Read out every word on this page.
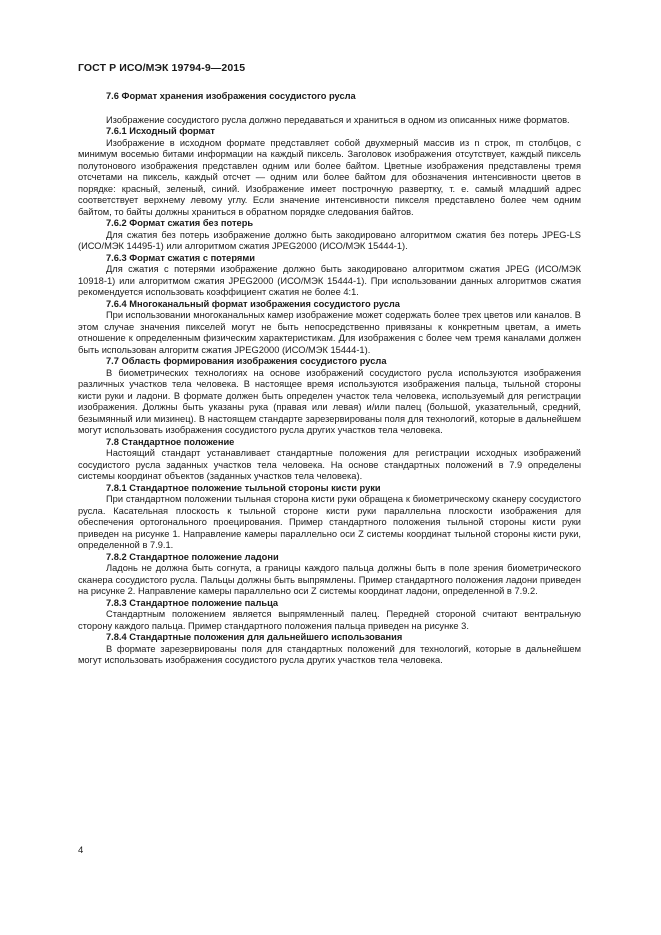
ГОСТ Р ИСО/МЭК 19794-9—2015
7.6 Формат хранения изображения сосудистого русла

Изображение сосудистого русла должно передаваться и храниться в одном из описанных ниже форматов.

7.6.1 Исходный формат

Изображение в исходном формате представляет собой двухмерный массив из n строк, m столбцов, с минимум восемью битами информации на каждый пиксель. Заголовок изображения отсутствует, каждый пиксель полутонового изображения представлен одним или более байтом. Цветные изображения представлены тремя отсчетами на пиксель, каждый отсчет — одним или более байтом для обозначения интенсивности цветов в порядке: красный, зеленый, синий. Изображение имеет построчную развертку, т. е. самый младший адрес соответствует верхнему левому углу. Если значение интенсивности пикселя представлено более чем одним байтом, то байты должны храниться в обратном порядке следования байтов.

7.6.2 Формат сжатия без потерь

Для сжатия без потерь изображение должно быть закодировано алгоритмом сжатия без потерь JPEG-LS (ИСО/МЭК 14495-1) или алгоритмом сжатия JPEG2000 (ИСО/МЭК 15444-1).

7.6.3 Формат сжатия с потерями

Для сжатия с потерями изображение должно быть закодировано алгоритмом сжатия JPEG (ИСО/МЭК 10918-1) или алгоритмом сжатия JPEG2000 (ИСО/МЭК 15444-1). При использовании данных алгоритмов сжатия рекомендуется использовать коэффициент сжатия не более 4:1.

7.6.4 Многоканальный формат изображения сосудистого русла

При использовании многоканальных камер изображение может содержать более трех цветов или каналов. В этом случае значения пикселей могут не быть непосредственно привязаны к конкретным цветам, а иметь отношение к определенным физическим характеристикам. Для изображения с более чем тремя каналами должен быть использован алгоритм сжатия JPEG2000 (ИСО/МЭК 15444-1).

7.7 Область формирования изображения сосудистого русла

В биометрических технологиях на основе изображений сосудистого русла используются изображения различных участков тела человека. В настоящее время используются изображения пальца, тыльной стороны кисти руки и ладони. В формате должен быть определен участок тела человека, используемый для регистрации изображения. Должны быть указаны рука (правая или левая) и/или палец (большой, указательный, средний, безымянный или мизинец). В настоящем стандарте зарезервированы поля для технологий, которые в дальнейшем могут использовать изображения сосудистого русла других участков тела человека.

7.8 Стандартное положение

Настоящий стандарт устанавливает стандартные положения для регистрации исходных изображений сосудистого русла заданных участков тела человека. На основе стандартных положений в 7.9 определены системы координат объектов (заданных участков тела человека).

7.8.1 Стандартное положение тыльной стороны кисти руки

При стандартном положении тыльная сторона кисти руки обращена к биометрическому сканеру сосудистого русла. Касательная плоскость к тыльной стороне кисти руки параллельна плоскости изображения для обеспечения ортогонального проецирования. Пример стандартного положения тыльной стороны кисти руки приведен на рисунке 1. Направление камеры параллельно оси Z системы координат тыльной стороны кисти руки, определенной в 7.9.1.

7.8.2 Стандартное положение ладони

Ладонь не должна быть согнута, а границы каждого пальца должны быть в поле зрения биометрического сканера сосудистого русла. Пальцы должны быть выпрямлены. Пример стандартного положения ладони приведен на рисунке 2. Направление камеры параллельно оси Z системы координат ладони, определенной в 7.9.2.

7.8.3 Стандартное положение пальца

Стандартным положением является выпрямленный палец. Передней стороной считают вентральную сторону каждого пальца. Пример стандартного положения пальца приведен на рисунке 3.

7.8.4 Стандартные положения для дальнейшего использования

В формате зарезервированы поля для стандартных положений для технологий, которые в дальнейшем могут использовать изображения сосудистого русла других участков тела человека.

4
